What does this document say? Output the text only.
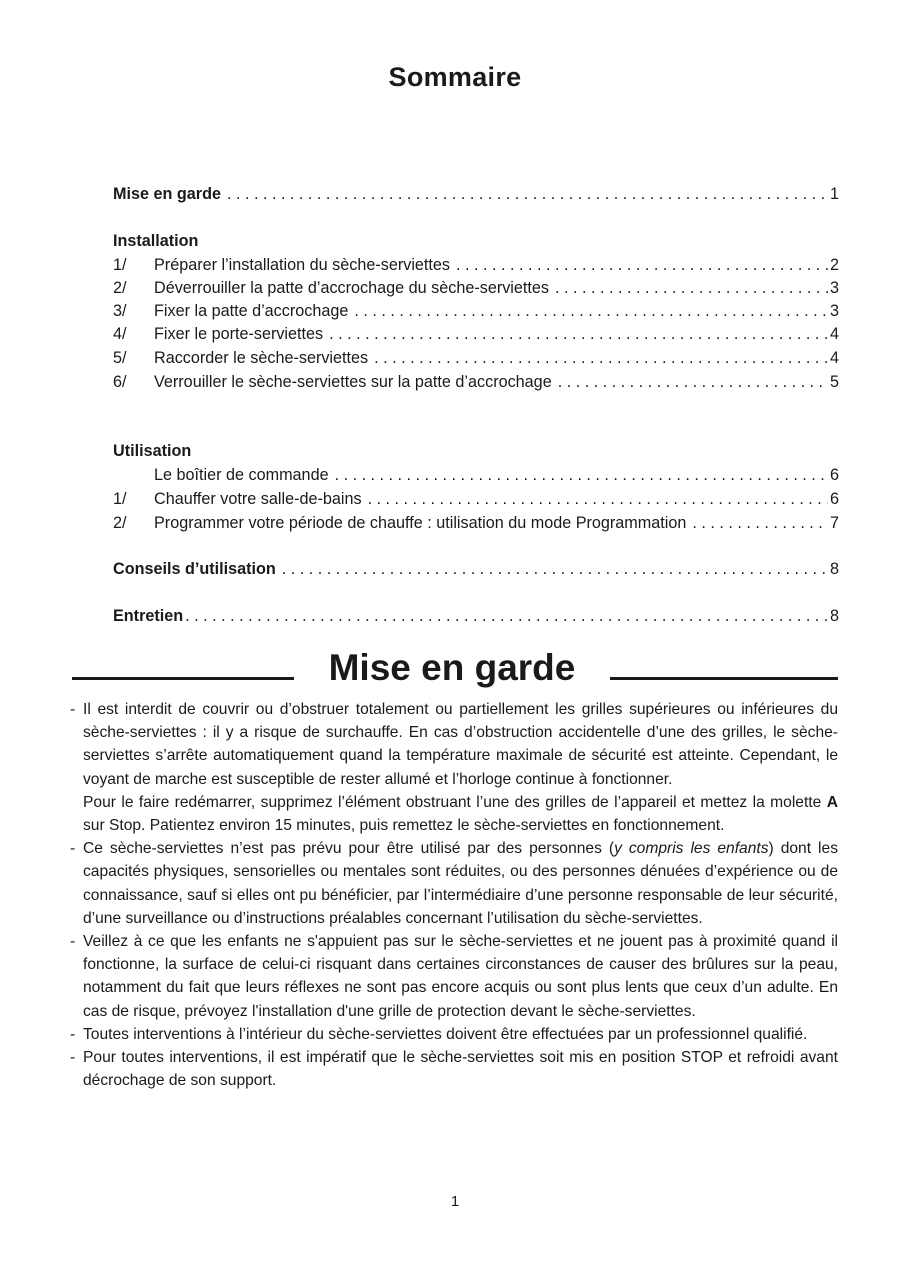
Sommaire
Mise en garde . . .	1
Installation
1/	Préparer l’installation du sèche-serviettes . . .	2
2/	Déverrouiller la patte d’accrochage du sèche-serviettes . . .	3
3/	Fixer la patte d’accrochage . . .	3
4/	Fixer le porte-serviettes . . .	4
5/	Raccorder le sèche-serviettes . . .	4
6/	Verrouiller le sèche-serviettes sur la patte d’accrochage . . .	5
Utilisation
Le boîtier de commande . . .	6
1/	Chauffer votre salle-de-bains . . .	6
2/	Programmer votre période de chauffe : utilisation du mode Programmation . . .	7
Conseils d’utilisation . . .	8
Entretien . . .	8
Mise en garde
- Il est interdit de couvrir ou d’obstruer totalement ou partiellement les grilles supérieures ou inférieures du sèche-serviettes : il y a risque de surchauffe. En cas d’obstruction accidentelle d’une des grilles, le sèche-serviettes s’arrête automatiquement quand la température maximale de sécurité est atteinte. Cependant, le voyant de marche est susceptible de rester allumé et l’horloge continue à fonctionner.

Pour le faire redémarrer, supprimez l’élément obstruant l’une des grilles de l’appareil et mettez la molette A sur Stop. Patientez environ 15 minutes, puis remettez le sèche-serviettes en fonctionnement.

- Ce sèche-serviettes n’est pas prévu pour être utilisé par des personnes (y compris les enfants) dont les capacités physiques, sensorielles ou mentales sont réduites, ou des personnes dénuées d’expérience ou de connaissance, sauf si elles ont pu bénéficier, par l’intermédiaire d’une personne responsable de leur sécurité, d’une surveillance ou d’instructions préalables concernant l’utilisation du sèche-serviettes.

- Veillez à ce que les enfants ne s'appuient pas sur le sèche-serviettes et ne jouent pas à proximité quand il fonctionne, la surface de celui-ci risquant dans certaines circonstances de causer des brûlures sur la peau, notamment du fait que leurs réflexes ne sont pas encore acquis ou sont plus lents que ceux d’un adulte. En cas de risque, prévoyez l'installation d'une grille de protection devant le sèche-serviettes.

- Toutes interventions à l’intérieur du sèche-serviettes doivent être effectuées par un professionnel qualifié.

- Pour toutes interventions, il est impératif que le sèche-serviettes soit mis en position STOP et refroidi avant décrochage de son support.

1
